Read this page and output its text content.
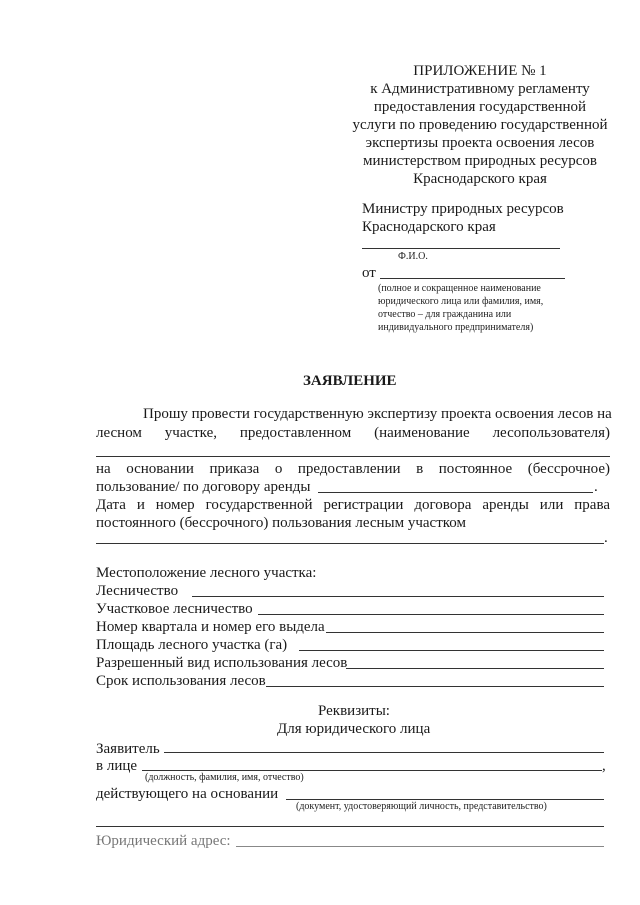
ПРИЛОЖЕНИЕ № 1
к Административному регламенту
предоставления государственной
услуги по проведению государственной
экспертизы проекта освоения лесов
министерством природных ресурсов
Краснодарского края
Министру природных ресурсов
Краснодарского края
Ф.И.О.
от
(полное и сокращенное наименование
юридического лица или фамилия, имя,
отчество – для гражданина или
индивидуального предпринимателя)
ЗАЯВЛЕНИЕ
Прошу провести государственную экспертизу проекта освоения лесов на
лесном участке, предоставленном (наименование лесопользователя)
на основании приказа о предоставлении в постоянное (бессрочное)
пользование/ по договору аренды	.
Дата и номер государственной регистрации договора аренды или права
постоянного (бессрочного) пользования лесным участком
.
Местоположение лесного участка:
Лесничество
Участковое лесничество
Номер квартала и номер его выдела
Площадь лесного участка (га)
Разрешенный вид использования лесов
Срок использования лесов
Реквизиты:
Для юридического лица
Заявитель
в лице	,
(должность, фамилия, имя, отчество)
действующего на основании
(документ, удостоверяющий личность, представительство)
Юридический адрес:
